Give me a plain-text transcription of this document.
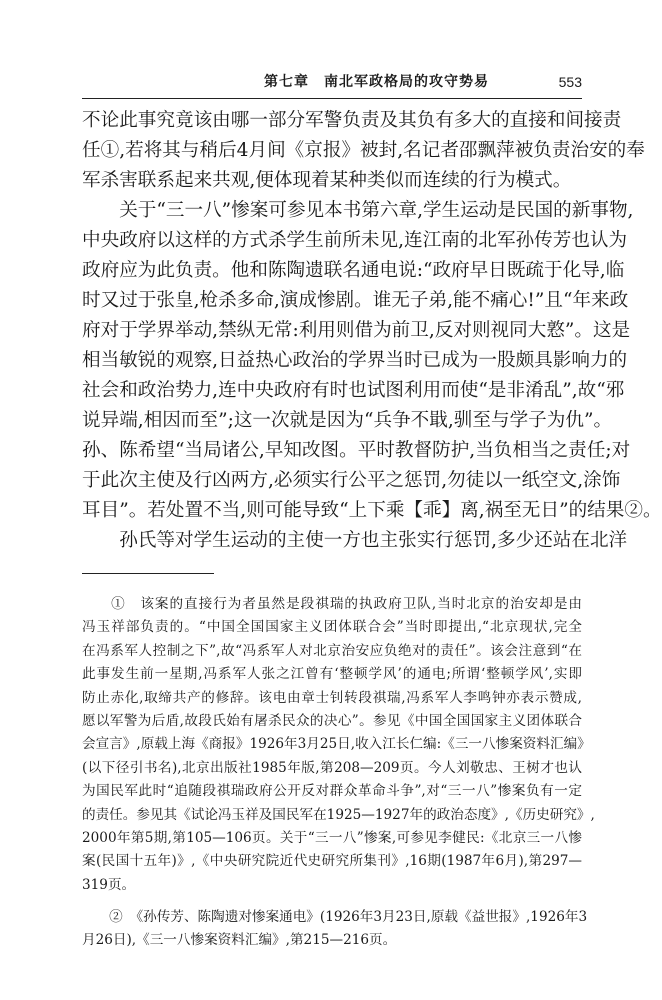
第七章　南北军政格局的攻守势易	553
不论此事究竟该由哪一部分军警负责及其负有多大的直接和间接责
任①,若将其与稍后4月间《京报》被封,名记者邵飘萍被负责治安的奉
军杀害联系起来共观,便体现着某种类似而连续的行为模式。
　　关于“三一八”惨案可参见本书第六章,学生运动是民国的新事物,
中央政府以这样的方式杀学生前所未见,连江南的北军孙传芳也认为
政府应为此负责。他和陈陶遗联名通电说:“政府早日既疏于化导,临
时又过于张皇,枪杀多命,演成惨剧。谁无子弟,能不痛心!”且“年来政
府对于学界举动,禁纵无常:利用则借为前卫,反对则视同大憝”。这是
相当敏锐的观察,日益热心政治的学界当时已成为一股颇具影响力的
社会和政治势力,连中央政府有时也试图利用而使“是非淆乱”,故“邪
说异端,相因而至”;这一次就是因为“兵争不戢,驯至与学子为仇”。
孙、陈希望“当局诸公,早知改图。平时教督防护,当负相当之责任;对
于此次主使及行凶两方,必须实行公平之惩罚,勿徒以一纸空文,涂饰
耳目”。若处置不当,则可能导致“上下乘【乖】离,祸至无日”的结果②。
　　孙氏等对学生运动的主使一方也主张实行惩罚,多少还站在北洋
　　①　该案的直接行为者虽然是段祺瑞的执政府卫队,当时北京的治安却是由
冯玉祥部负责的。“中国全国国家主义团体联合会”当时即提出,“北京现状,完全
在冯系军人控制之下”,故“冯系军人对北京治安应负绝对的责任”。该会注意到“在
此事发生前一星期,冯系军人张之江曾有‘整顿学风’的通电;所谓‘整顿学风’,实即
防止赤化,取缔共产的修辞。该电由章士钊转段祺瑞,冯系军人李鸣钟亦表示赞成,
愿以军警为后盾,故段氏始有屠杀民众的决心”。参见《中国全国国家主义团体联合
会宣言》,原载上海《商报》1926年3月25日,收入江长仁编:《三一八惨案资料汇编》
(以下径引书名),北京出版社1985年版,第208—209页。今人刘敬忠、王树才也认
为国民军此时“追随段祺瑞政府公开反对群众革命斗争”,对“三一八”惨案负有一定
的责任。参见其《试论冯玉祥及国民军在1925—1927年的政治态度》,《历史研究》,
2000年第5期,第105—106页。关于“三一八”惨案,可参见李健民:《北京三一八惨
案(民国十五年)》,《中央研究院近代史研究所集刊》,16期(1987年6月),第297—
319页。
　　②　《孙传芳、陈陶遗对惨案通电》(1926年3月23日,原载《益世报》,1926年3
月26日),《三一八惨案资料汇编》,第215—216页。
